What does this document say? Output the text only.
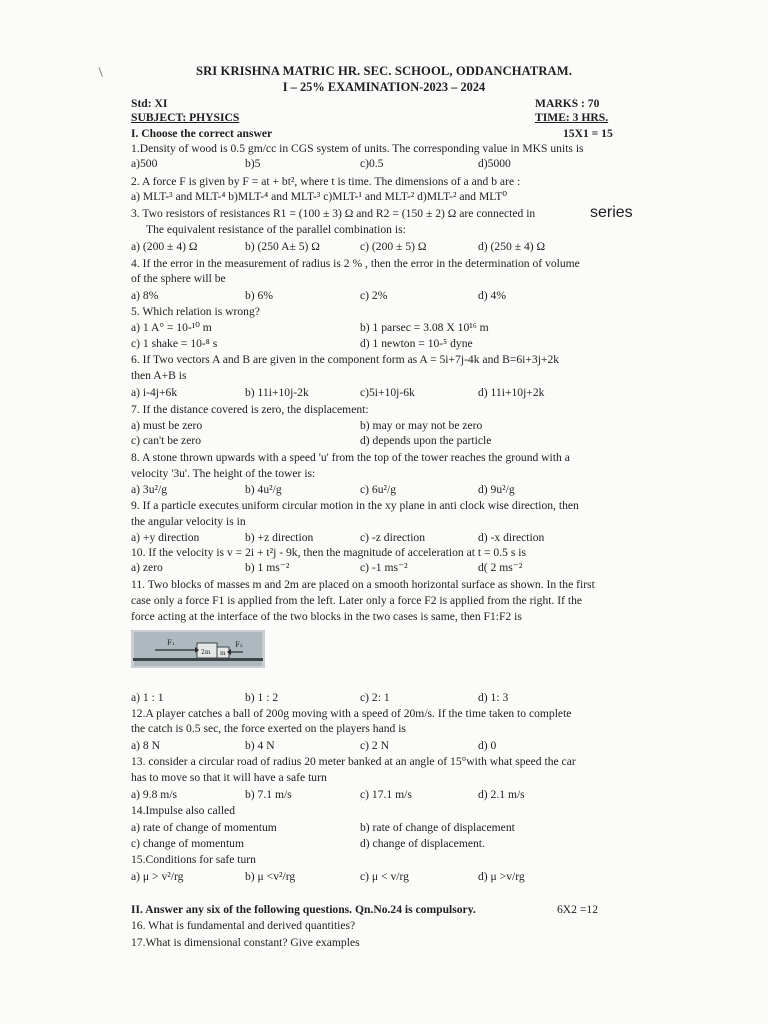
SRI KRISHNA MATRIC HR. SEC. SCHOOL, ODDANCHATRAM.
I – 25% EXAMINATION-2023 – 2024
Std: XI	MARKS : 70
SUBJECT: PHYSICS	TIME: 3 HRS.
I. Choose the correct answer	15X1 = 15
1.Density of wood is 0.5 gm/cc in CGS system of units. The corresponding value in MKS units is
a)500	b)5	c)0.5	d)5000
2. A force F is given by F = at + bt², where t is time. The dimensions of a and b are :
a) MLT-³ and MLT-⁴ b)MLT-⁴ and MLT-³ c)MLT-¹ and MLT-² d)MLT-² and MLT⁰
3. Two resistors of resistances R1 = (100 ± 3) Ω and R2 = (150 ± 2) Ω are connected in	series
The equivalent resistance of the parallel combination is:
a) (200 ± 4) Ω	b) (250 A± 5) Ω	c) (200 ± 5) Ω	d) (250 ± 4) Ω
4. If the error in the measurement of radius is 2 % , then the error in the determination of volume
of the sphere will be
a) 8%	b) 6%	c) 2%	d) 4%
5. Which relation is wrong?
a) 1 A° = 10-¹⁰ m	b) 1 parsec = 3.08 X 10¹⁶ m
c) 1 shake = 10-⁸ s	d) 1 newton = 10-⁵ dyne
6. If Two vectors A and B are given in the component form as A = 5i+7j-4k and B=6i+3j+2k
then A+B is
a) i-4j+6k	b) 11i+10j-2k	c)5i+10j-6k	d) 11i+10j+2k
7. If the distance covered is zero, the displacement:
a) must be zero	b) may or may not be zero
c) can't be zero	d) depends upon the particle
8. A stone thrown upwards with a speed 'u' from the top of the tower reaches the ground with a
velocity '3u'. The height of the tower is:
a) 3u²/g	b) 4u²/g	c) 6u²/g	d) 9u²/g
9. If a particle executes uniform circular motion in the xy plane in anti clock wise direction, then
the angular velocity is in
a) +y direction	b) +z direction	c) -z direction	d) -x direction
10. If the velocity is v = 2i + t²j - 9k, then the magnitude of acceleration at t = 0.5 s is
a) zero	b) 1 ms⁻²	c) -1 ms⁻²	d( 2 ms⁻²
11. Two blocks of masses m and 2m are placed on a smooth horizontal surface as shown. In the first
case only a force F1 is applied from the left. Later only a force F2 is applied from the right. If the
force acting at the interface of the two blocks in the two cases is same, then F1:F2 is
F₁
2m m
F₂
a) 1 : 1	b) 1 : 2	c) 2: 1	d) 1: 3
12.A player catches a ball of 200g moving with a speed of 20m/s. If the time taken to complete
the catch is 0.5 sec, the force exerted on the players hand is
a) 8 N	b) 4 N	c) 2 N	d) 0
13. consider a circular road of radius 20 meter banked at an angle of 15°with what speed the car
has to move so that it will have a safe turn
a) 9.8 m/s	b) 7.1 m/s	c) 17.1 m/s	d) 2.1 m/s
14.Impulse also called
a) rate of change of momentum	b) rate of change of displacement
c) change of momentum	d) change of displacement.
15.Conditions for safe turn
a) μ > v²/rg	b) μ <v²/rg	c) μ < v/rg	d) μ >v/rg
II. Answer any six of the following questions. Qn.No.24 is compulsory.	6X2 =12
16. What is fundamental and derived quantities?
17.What is dimensional constant? Give examples
